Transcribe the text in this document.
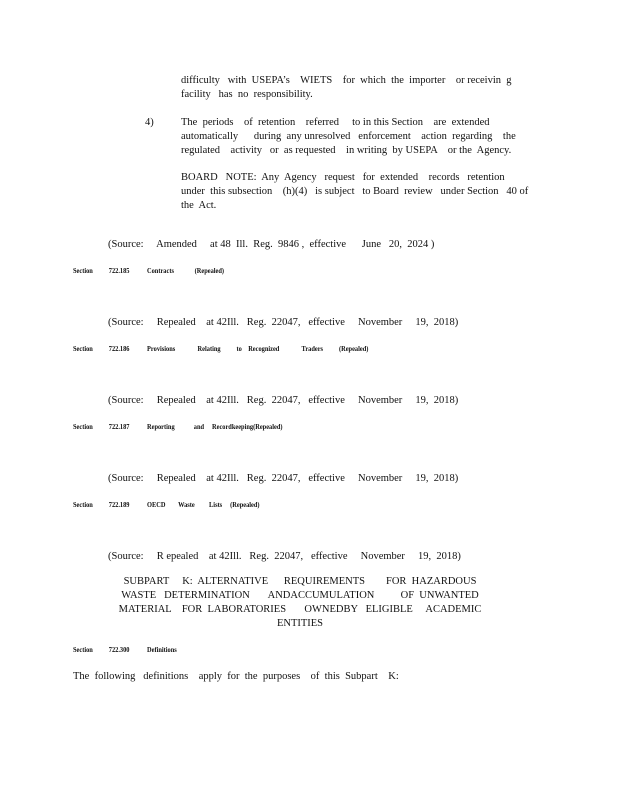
difficulty   with  USEPA’s    WIETS    for  which  the  importer    or receivin  g
facility   has  no  responsibility.
4)	The  periods    of  retention    referred     to in this Section    are  extended
automatically      during  any unresolved   enforcement    action  regarding    the
regulated    activity   or  as requested    in writing  by USEPA    or the  Agency.
BOARD   NOTE:  Any  Agency   request   for  extended    records   retention
under  this subsection    (h)(4)   is subject   to Board  review   under Section   40 of
the  Act.
(Source:     Amended     at 48  Ill.  Reg.  9846 ,  effective      June   20,  2024 )
Section          722.185           Contracts             (Repealed)
(Source:     Repealed    at 42Ill.   Reg.  22047,   effective     November     19,  2018)
Section          722.186           Provisions              Relating          to    Recognized              Traders          (Repealed)
(Source:     Repealed    at 42Ill.   Reg.  22047,   effective     November     19,  2018)
Section          722.187           Reporting            and     Recordkeeping(Repealed)
(Source:     Repealed    at 42Ill.   Reg.  22047,   effective     November     19,  2018)
Section          722.189           OECD        Waste         Lists     (Repealed)
(Source:     R epealed    at 42Ill.   Reg.  22047,   effective     November     19,  2018)
SUBPART     K:  ALTERNATIVE      REQUIREMENTS        FOR  HAZARDOUS
WASTE   DETERMINATION       ANDACCUMULATION          OF  UNWANTED
MATERIAL    FOR  LABORATORIES       OWNEDBY   ELIGIBLE     ACADEMIC
ENTITIES
Section          722.300           Definitions
The  following   definitions    apply  for  the  purposes    of  this  Subpart    K:
